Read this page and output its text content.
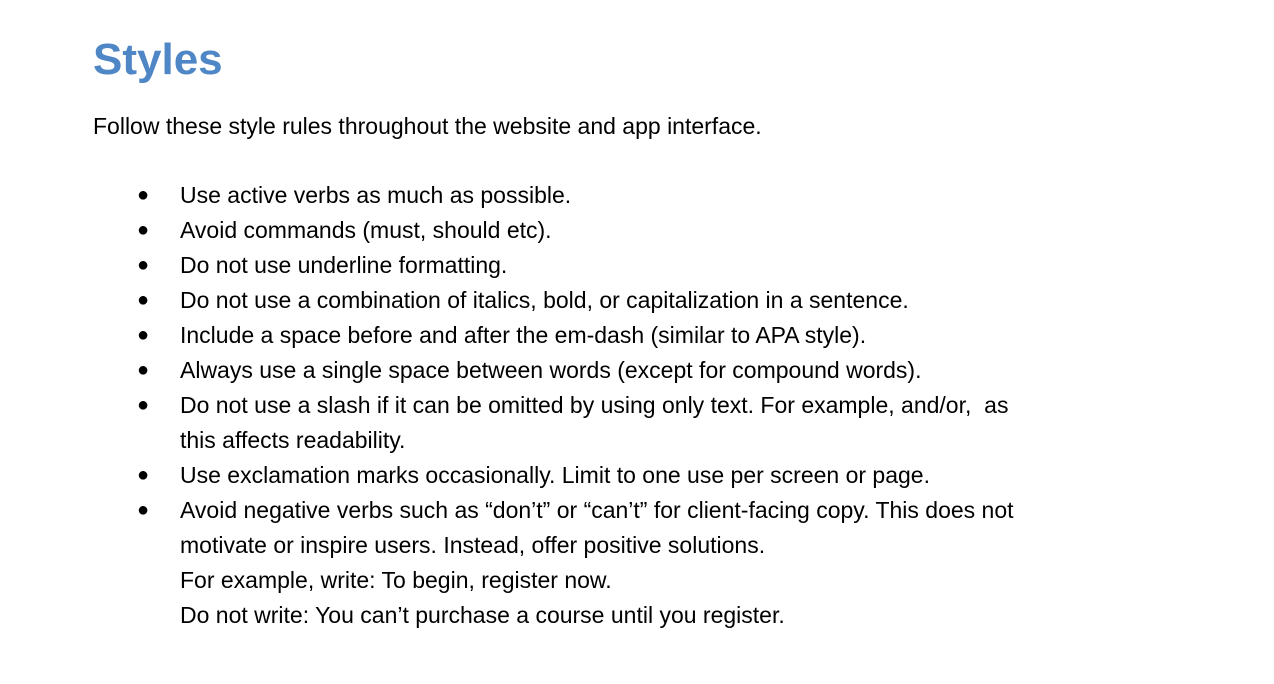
Styles

Follow these style rules throughout the website and app interface.

●	Use active verbs as much as possible.
●	Avoid commands (must, should etc).
●	Do not use underline formatting.
●	Do not use a combination of italics, bold, or capitalization in a sentence.
●	Include a space before and after the em-dash (similar to APA style).
●	Always use a single space between words (except for compound words).
●	Do not use a slash if it can be omitted by using only text. For example, and/or,  as
this affects readability.
●	Use exclamation marks occasionally. Limit to one use per screen or page.
●	Avoid negative verbs such as “don’t” or “can’t” for client-facing copy. This does not
motivate or inspire users. Instead, offer positive solutions.
For example, write: To begin, register now.
Do not write: You can’t purchase a course until you register.
